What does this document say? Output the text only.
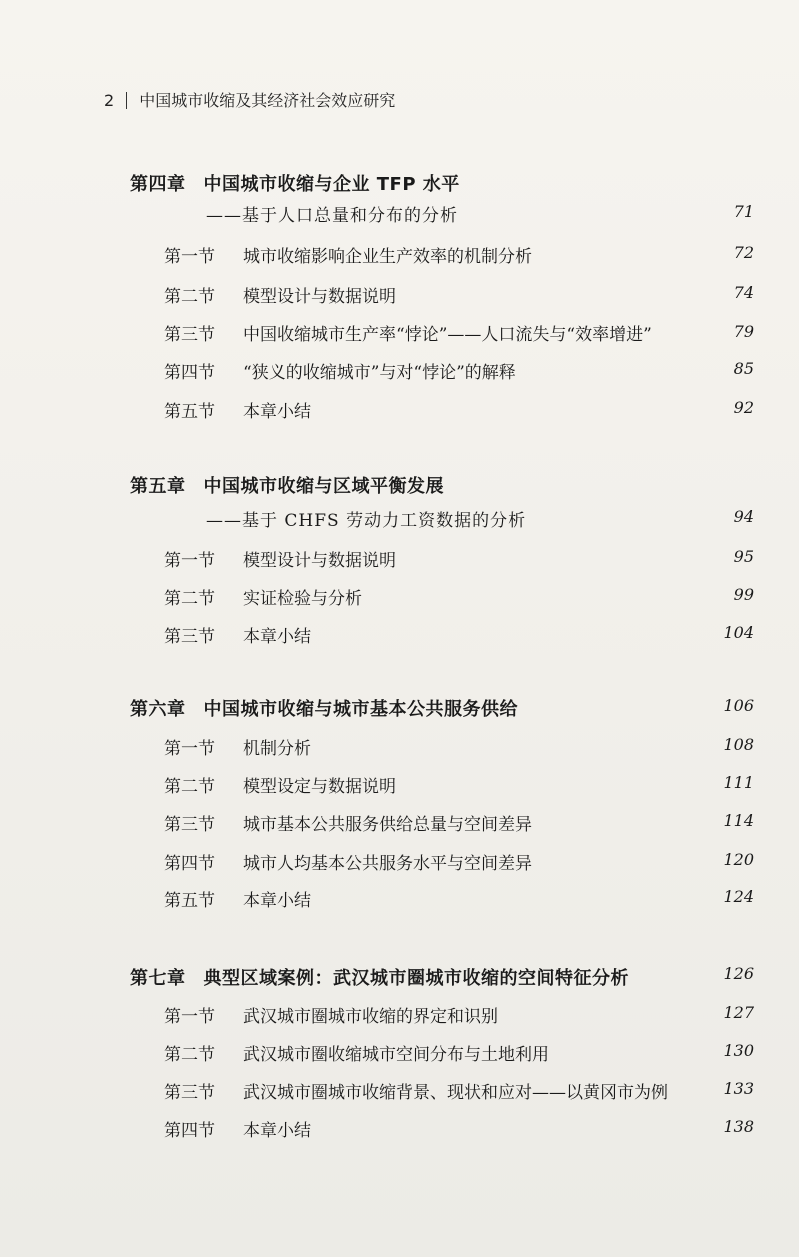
2 中国城市收缩及其经济社会效应研究
第四章 中国城市收缩与企业 TFP 水平
——基于人口总量和分布的分析	71
第一节 城市收缩影响企业生产效率的机制分析	72
第二节 模型设计与数据说明	74
第三节 中国收缩城市生产率“悖论”——人口流失与“效率增进”	79
第四节 “狭义的收缩城市”与对“悖论”的解释	85
第五节 本章小结	92
第五章 中国城市收缩与区域平衡发展
——基于 CHFS 劳动力工资数据的分析	94
第一节 模型设计与数据说明	95
第二节 实证检验与分析	99
第三节 本章小结	104
第六章 中国城市收缩与城市基本公共服务供给	106
第一节 机制分析	108
第二节 模型设定与数据说明	111
第三节 城市基本公共服务供给总量与空间差异	114
第四节 城市人均基本公共服务水平与空间差异	120
第五节 本章小结	124
第七章 典型区域案例：武汉城市圈城市收缩的空间特征分析	126
第一节 武汉城市圈城市收缩的界定和识别	127
第二节 武汉城市圈收缩城市空间分布与土地利用	130
第三节 武汉城市圈城市收缩背景、现状和应对——以黄冈市为例	133
第四节 本章小结	138
